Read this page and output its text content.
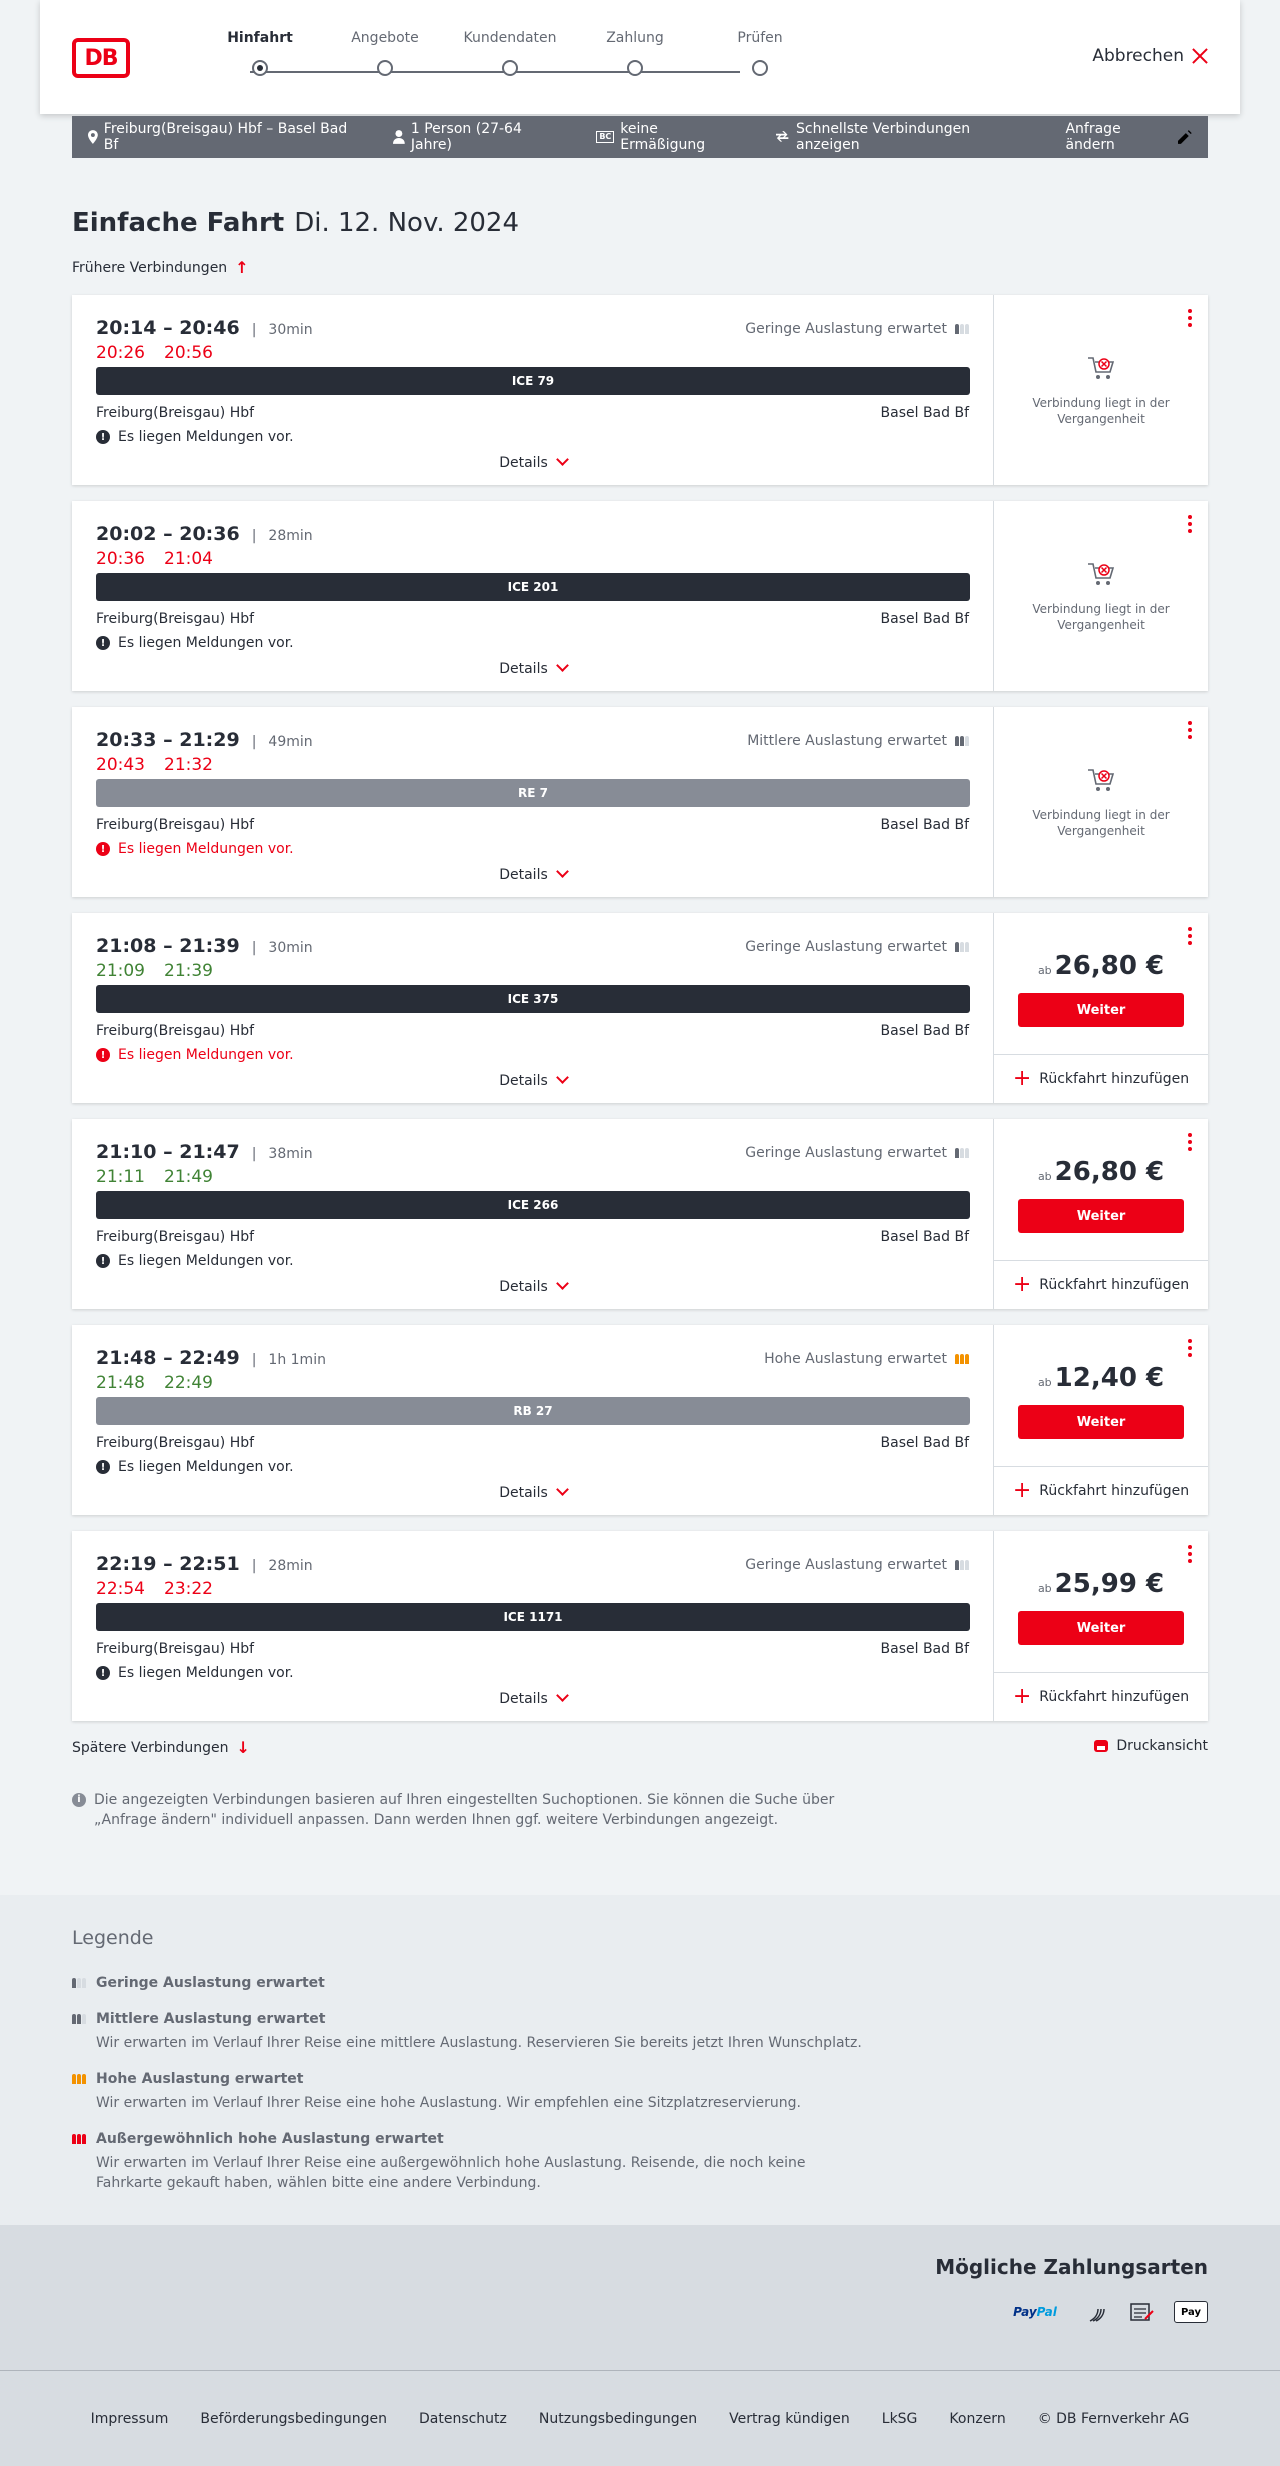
DB
Hinfahrt	Angebote	Kundendaten	Zahlung	Prüfen
Abbrechen
Freiburg(Breisgau) Hbf – Basel Bad Bf
1 Person (27-64 Jahre)
BC keine Ermäßigung
Schnellste Verbindungen anzeigen
Anfrage ändern
Einfache Fahrt Di. 12. Nov. 2024
Frühere Verbindungen ↑
20:14 – 20:46 | 30min
20:26 20:56
Geringe Auslastung erwartet
ICE 79
Freiburg(Breisgau) Hbf	Basel Bad Bf
! Es liegen Meldungen vor.
Details
Verbindung liegt in der Vergangenheit
20:02 – 20:36 | 28min
20:36 21:04
ICE 201
Freiburg(Breisgau) Hbf	Basel Bad Bf
! Es liegen Meldungen vor.
Details
Verbindung liegt in der Vergangenheit
20:33 – 21:29 | 49min
20:43 21:32
Mittlere Auslastung erwartet
RE 7
Freiburg(Breisgau) Hbf	Basel Bad Bf
! Es liegen Meldungen vor.
Details
Verbindung liegt in der Vergangenheit
21:08 – 21:39 | 30min
21:09 21:39
Geringe Auslastung erwartet
ICE 375
Freiburg(Breisgau) Hbf	Basel Bad Bf
! Es liegen Meldungen vor.
Details
ab 26,80 €
Weiter
+ Rückfahrt hinzufügen
21:10 – 21:47 | 38min
21:11 21:49
Geringe Auslastung erwartet
ICE 266
Freiburg(Breisgau) Hbf	Basel Bad Bf
! Es liegen Meldungen vor.
Details
ab 26,80 €
Weiter
+ Rückfahrt hinzufügen
21:48 – 22:49 | 1h 1min
21:48 22:49
Hohe Auslastung erwartet
RB 27
Freiburg(Breisgau) Hbf	Basel Bad Bf
! Es liegen Meldungen vor.
Details
ab 12,40 €
Weiter
+ Rückfahrt hinzufügen
22:19 – 22:51 | 28min
22:54 23:22
Geringe Auslastung erwartet
ICE 1171
Freiburg(Breisgau) Hbf	Basel Bad Bf
! Es liegen Meldungen vor.
Details
ab 25,99 €
Weiter
+ Rückfahrt hinzufügen
Spätere Verbindungen ↓	Druckansicht
i Die angezeigten Verbindungen basieren auf Ihren eingestellten Suchoptionen. Sie können die Suche über „Anfrage ändern" individuell anpassen. Dann werden Ihnen ggf. weitere Verbindungen angezeigt.
Legende
Geringe Auslastung erwartet
Mittlere Auslastung erwartet
Wir erwarten im Verlauf Ihrer Reise eine mittlere Auslastung. Reservieren Sie bereits jetzt Ihren Wunschplatz.
Hohe Auslastung erwartet
Wir erwarten im Verlauf Ihrer Reise eine hohe Auslastung. Wir empfehlen eine Sitzplatzreservierung.
Außergewöhnlich hohe Auslastung erwartet
Wir erwarten im Verlauf Ihrer Reise eine außergewöhnlich hohe Auslastung. Reisende, die noch keine Fahrkarte gekauft haben, wählen bitte eine andere Verbindung.
Mögliche Zahlungsarten
Pay Pal	Pay
Impressum Beförderungsbedingungen Datenschutz Nutzungsbedingungen Vertrag kündigen LkSG Konzern © DB Fernverkehr AG
